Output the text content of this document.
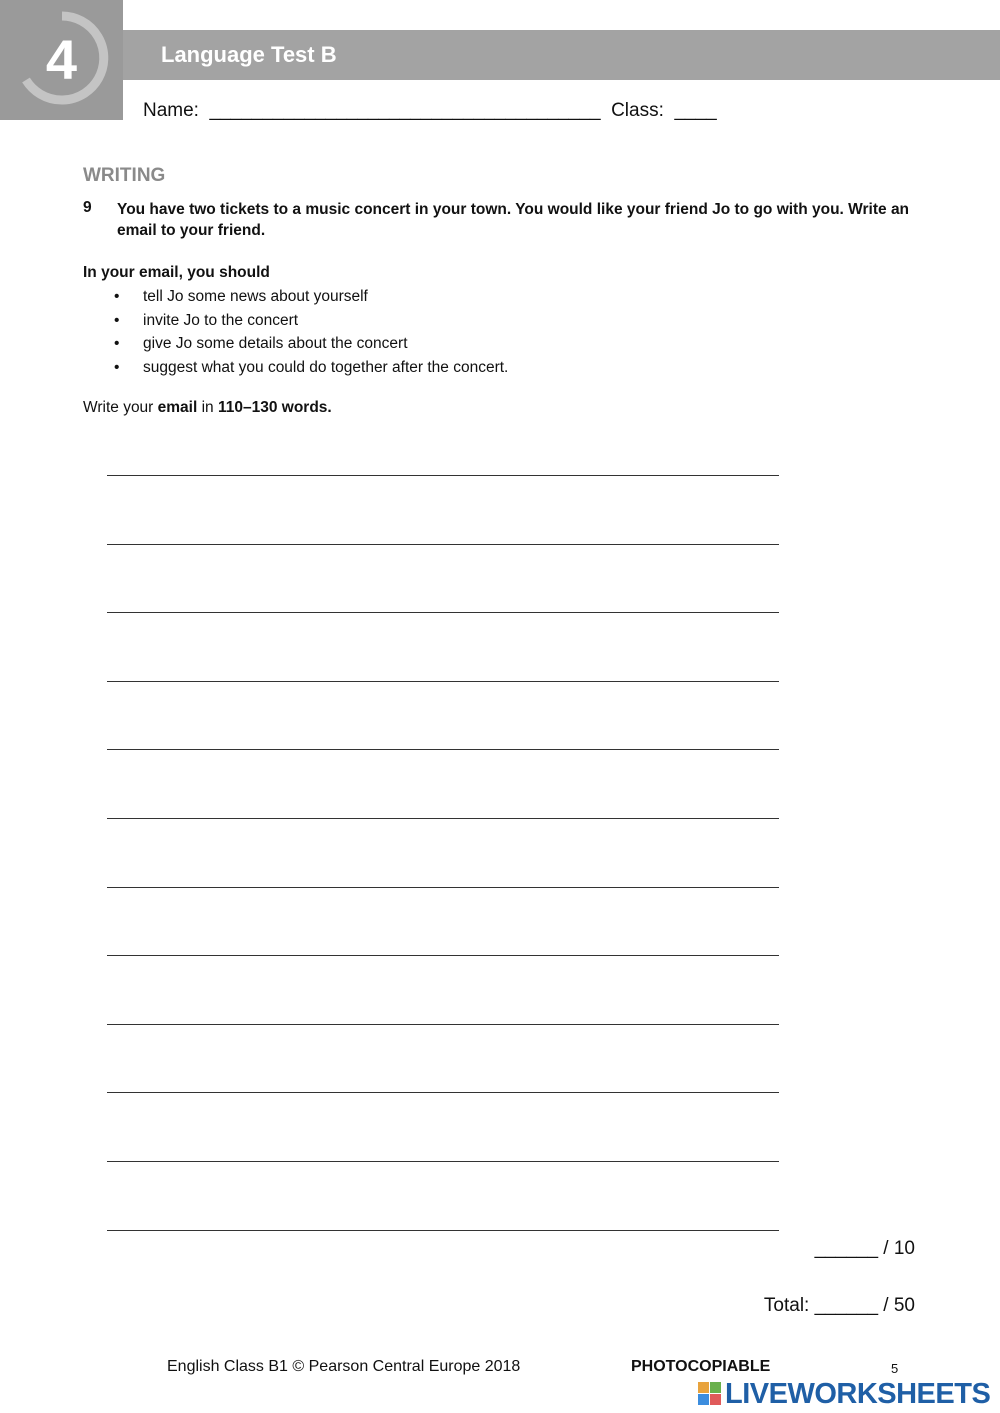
4	Language Test B
Name: _____________________________________ Class: ____
WRITING
9 You have two tickets to a music concert in your town. You would like your friend Jo to go with you. Write an email to your friend.
In your email, you should
• tell Jo some news about yourself
• invite Jo to the concert
• give Jo some details about the concert
• suggest what you could do together after the concert.
Write your email in 110–130 words.
______ / 10
Total: ______ / 50
English Class B1 © Pearson Central Europe 2018	PHOTOCOPIABLE	5
LIVEWORKSHEETS
